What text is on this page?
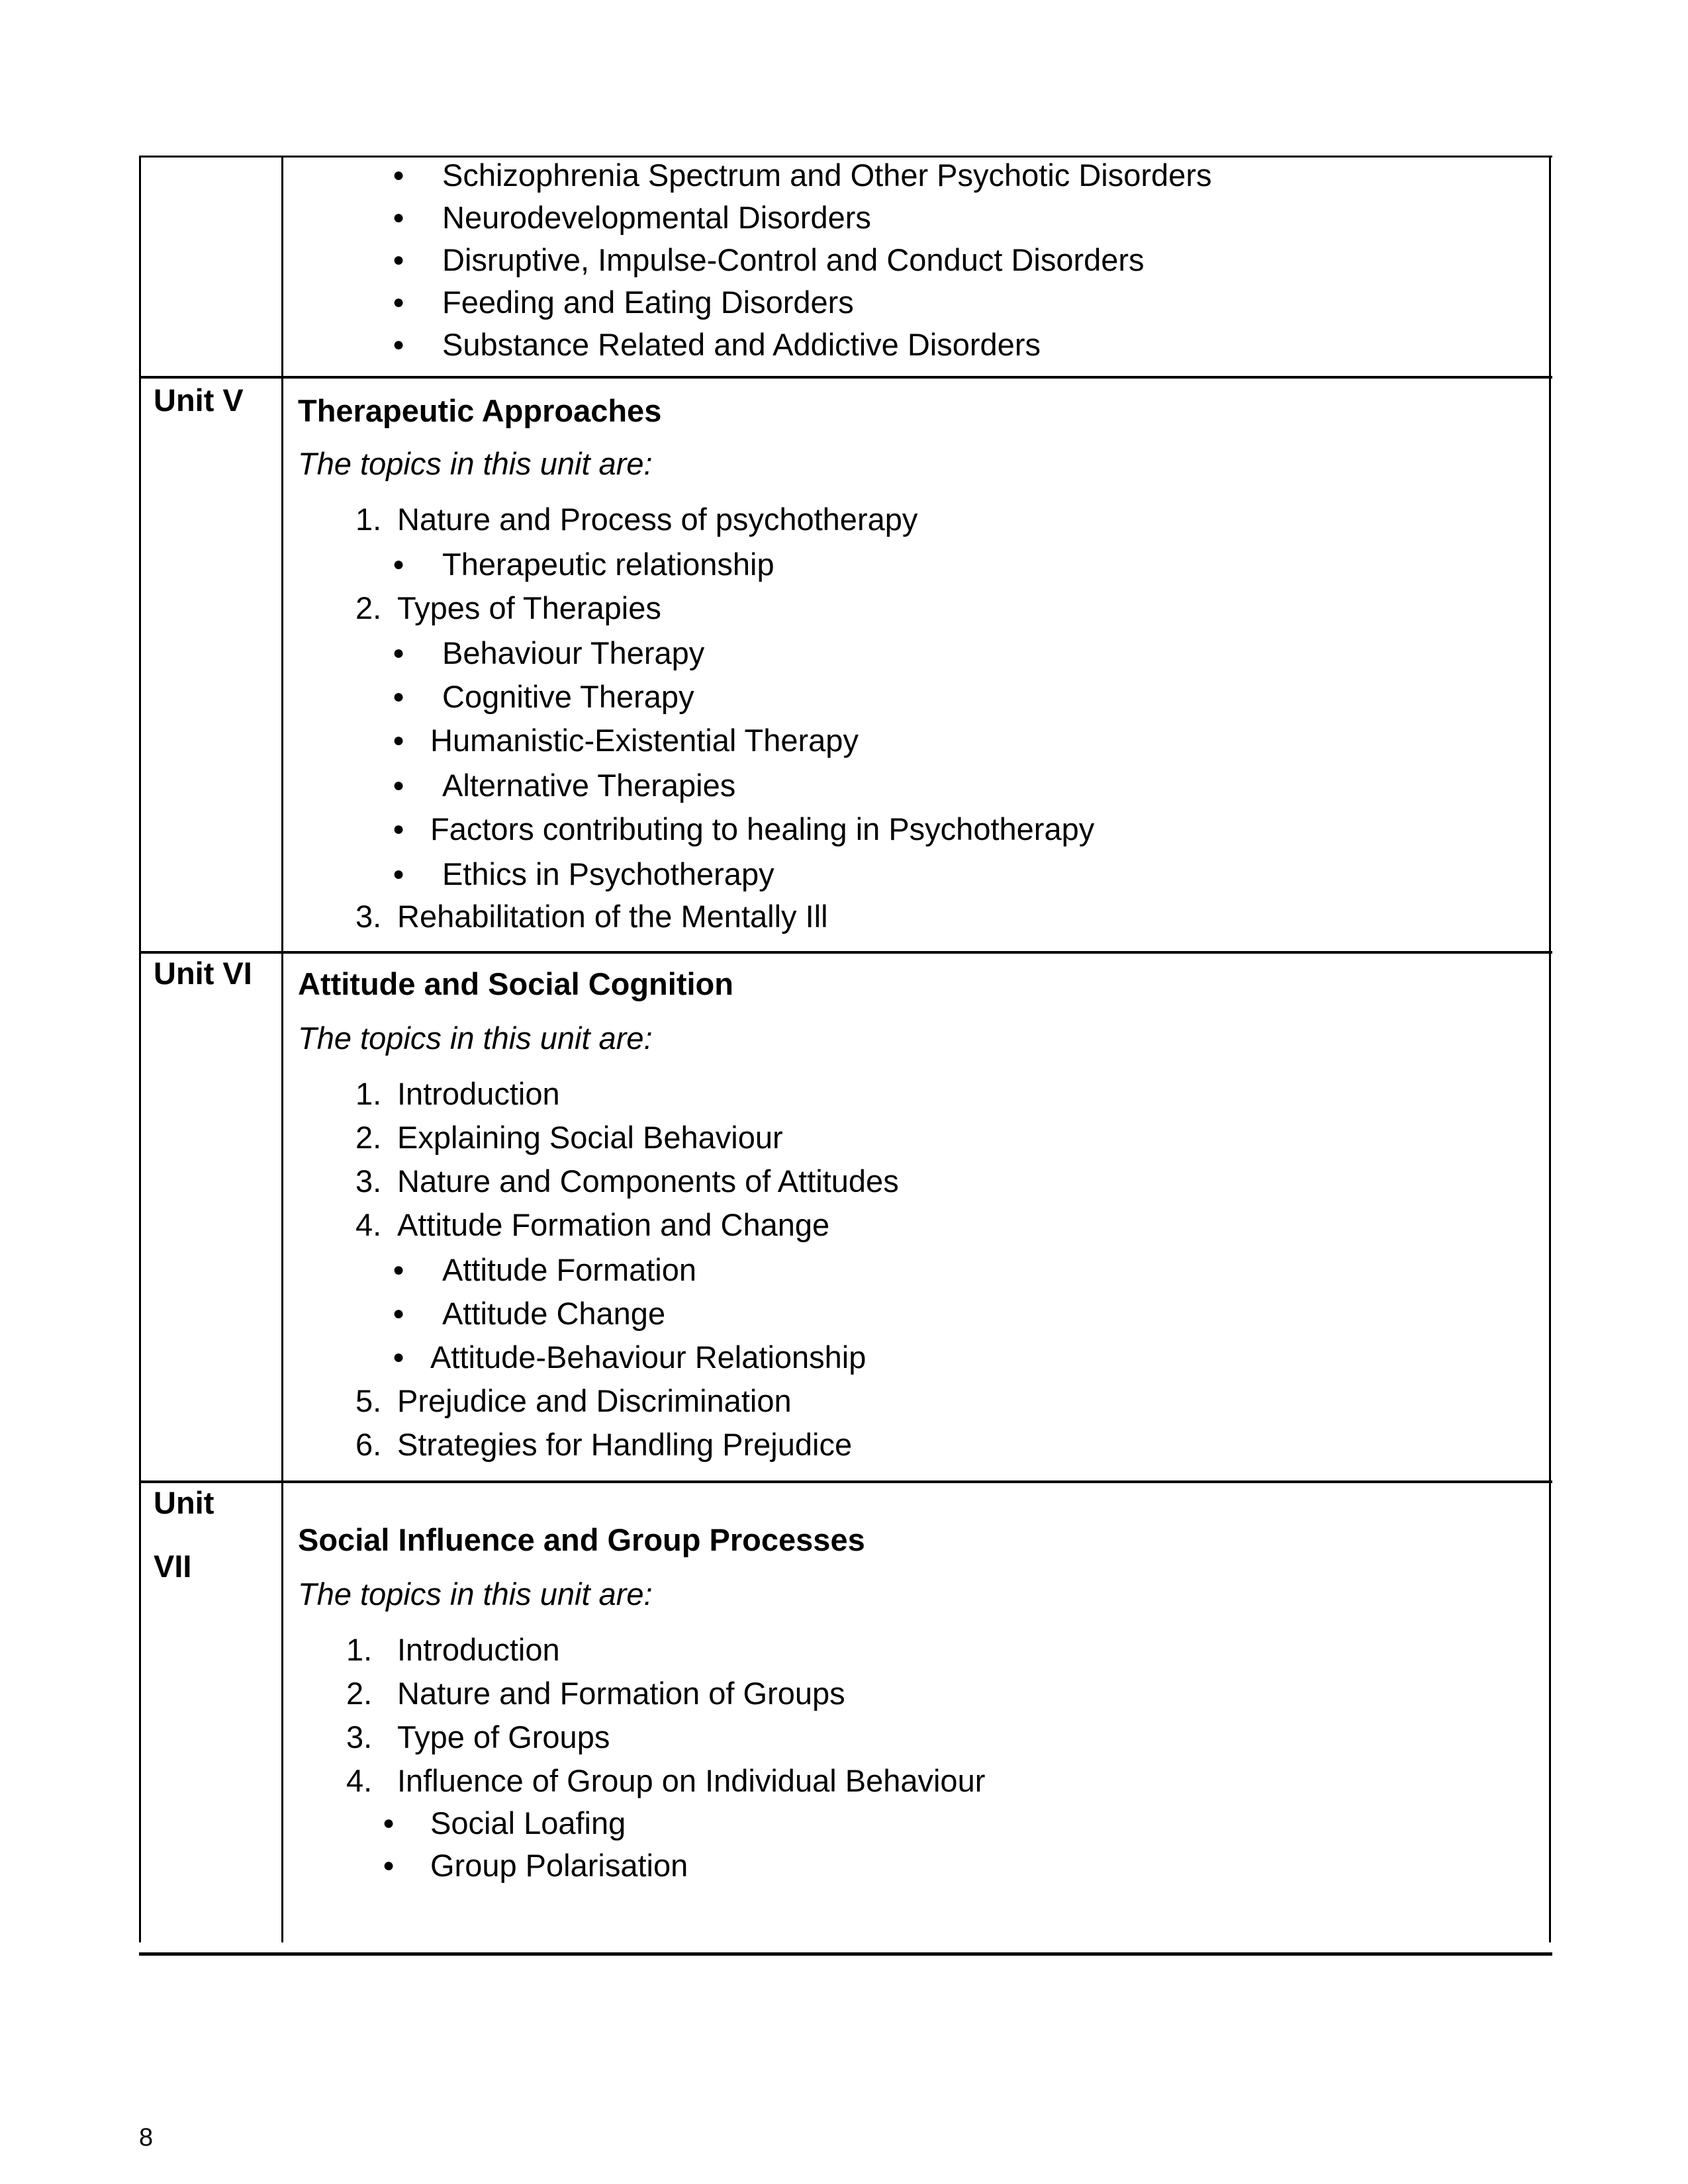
● Schizophrenia Spectrum and Other Psychotic Disorders
● Neurodevelopmental Disorders
● Disruptive, Impulse-Control and Conduct Disorders
● Feeding and Eating Disorders
● Substance Related and Addictive Disorders
Unit V Therapeutic Approaches
The topics in this unit are:
1. Nature and Process of psychotherapy
● Therapeutic relationship
2. Types of Therapies
● Behaviour Therapy
● Cognitive Therapy
● Humanistic-Existential Therapy
● Alternative Therapies
● Factors contributing to healing in Psychotherapy
● Ethics in Psychotherapy
3. Rehabilitation of the Mentally Ill
Unit VI Attitude and Social Cognition
The topics in this unit are:
1. Introduction
2. Explaining Social Behaviour
3. Nature and Components of Attitudes
4. Attitude Formation and Change
● Attitude Formation
● Attitude Change
● Attitude-Behaviour Relationship
5. Prejudice and Discrimination
6. Strategies for Handling Prejudice
Unit
VII
Social Influence and Group Processes
The topics in this unit are:
1. Introduction
2. Nature and Formation of Groups
3. Type of Groups
4. Influence of Group on Individual Behaviour
● Social Loafing
● Group Polarisation
8
